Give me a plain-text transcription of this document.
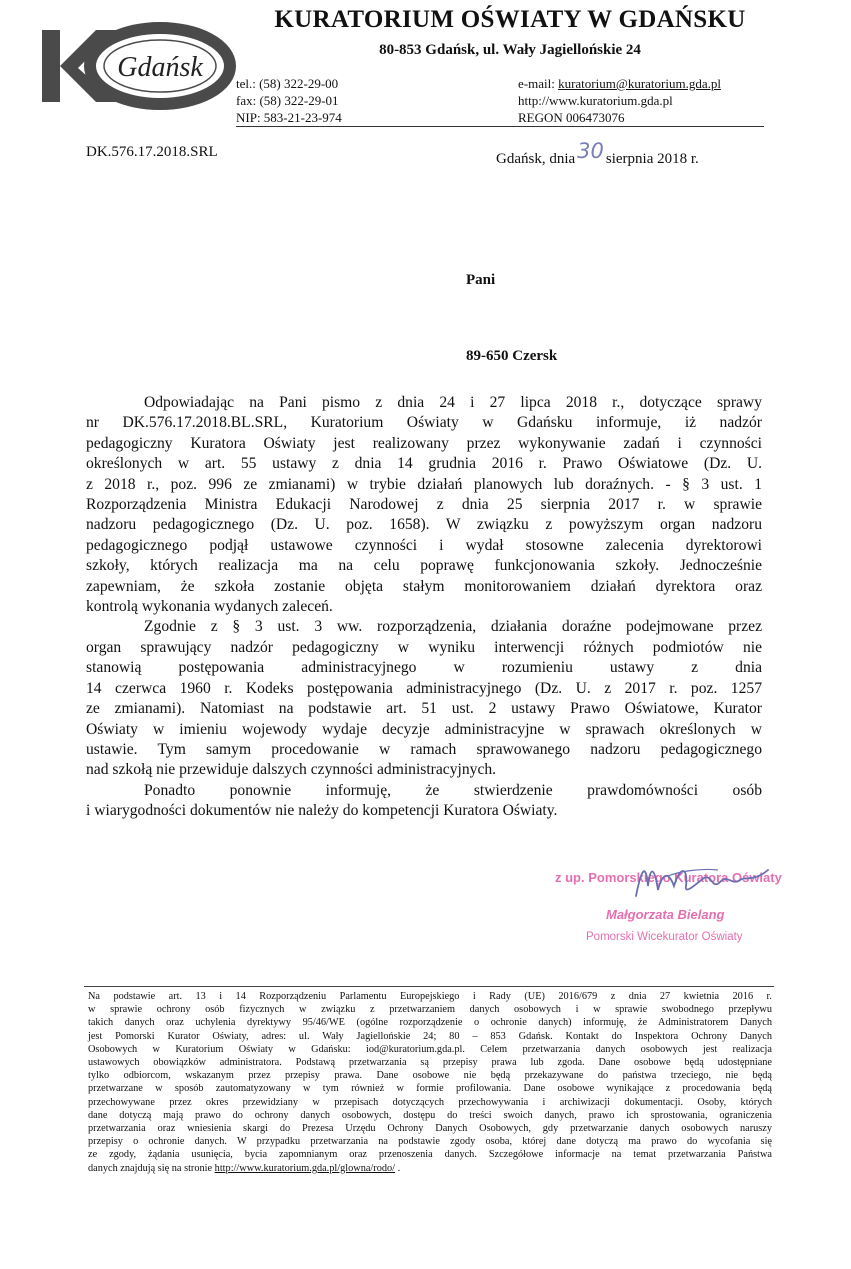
Gdańsk
KURATORIUM OŚWIATY W GDAŃSKU
80-853 Gdańsk, ul. Wały Jagiellońskie 24
tel.: (58) 322-29-00
fax: (58) 322-29-01
NIP: 583-21-23-974
e-mail: kuratorium@kuratorium.gda.pl
http://www.kuratorium.gda.pl
REGON 006473076
DK.576.17.2018.SRL	Gdańsk, dnia30 sierpnia 2018 r.
Pani
89-650 Czersk
Odpowiadając na Pani pismo z dnia 24 i 27 lipca 2018 r., dotyczące sprawy
nr DK.576.17.2018.BL.SRL, Kuratorium Oświaty w Gdańsku informuje, iż nadzór
pedagogiczny Kuratora Oświaty jest realizowany przez wykonywanie zadań i czynności
określonych w art. 55 ustawy z dnia 14 grudnia 2016 r. Prawo Oświatowe (Dz. U.
z 2018 r., poz. 996 ze zmianami) w trybie działań planowych lub doraźnych. - § 3 ust. 1
Rozporządzenia Ministra Edukacji Narodowej z dnia 25 sierpnia 2017 r. w sprawie
nadzoru pedagogicznego (Dz. U. poz. 1658). W związku z powyższym organ nadzoru
pedagogicznego podjął ustawowe czynności i wydał stosowne zalecenia dyrektorowi
szkoły, których realizacja ma na celu poprawę funkcjonowania szkoły. Jednocześnie
zapewniam, że szkoła zostanie objęta stałym monitorowaniem działań dyrektora oraz
kontrolą wykonania wydanych zaleceń.
Zgodnie z § 3 ust. 3 ww. rozporządzenia, działania doraźne podejmowane przez
organ sprawujący nadzór pedagogiczny w wyniku interwencji różnych podmiotów nie
stanowią postępowania administracyjnego w rozumieniu ustawy z dnia
14 czerwca 1960 r. Kodeks postępowania administracyjnego (Dz. U. z 2017 r. poz. 1257
ze zmianami). Natomiast na podstawie art. 51 ust. 2 ustawy Prawo Oświatowe, Kurator
Oświaty w imieniu wojewody wydaje decyzje administracyjne w sprawach określonych w
ustawie. Tym samym procedowanie w ramach sprawowanego nadzoru pedagogicznego
nad szkołą nie przewiduje dalszych czynności administracyjnych.
Ponadto ponownie informuję, że stwierdzenie prawdomówności osób
i wiarygodności dokumentów nie należy do kompetencji Kuratora Oświaty.
z up. Pomorskiego Kuratora Oświaty
Małgorzata Bielang
Pomorski Wicekurator Oświaty
Na podstawie art. 13 i 14 Rozporządzeniu Parlamentu Europejskiego i Rady (UE) 2016/679 z dnia 27 kwietnia 2016 r.
w sprawie ochrony osób fizycznych w związku z przetwarzaniem danych osobowych i w sprawie swobodnego przepływu
takich danych oraz uchylenia dyrektywy 95/46/WE (ogólne rozporządzenie o ochronie danych) informuję, że Administratorem Danych
jest Pomorski Kurator Oświaty, adres: ul. Wały Jagiellońskie 24; 80 – 853 Gdańsk. Kontakt do Inspektora Ochrony Danych
Osobowych w Kuratorium Oświaty w Gdańsku: iod@kuratorium.gda.pl. Celem przetwarzania danych osobowych jest realizacja
ustawowych obowiązków administratora. Podstawą przetwarzania są przepisy prawa lub zgoda. Dane osobowe będą udostępniane
tylko odbiorcom, wskazanym przez przepisy prawa. Dane osobowe nie będą przekazywane do państwa trzeciego, nie będą
przetwarzane w sposób zautomatyzowany w tym również w formie profilowania. Dane osobowe wynikające z procedowania będą
przechowywane przez okres przewidziany w przepisach dotyczących przechowywania i archiwizacji dokumentacji. Osoby, których
dane dotyczą mają prawo do ochrony danych osobowych, dostępu do treści swoich danych, prawo ich sprostowania, ograniczenia
przetwarzania oraz wniesienia skargi do Prezesa Urzędu Ochrony Danych Osobowych, gdy przetwarzanie danych osobowych naruszy
przepisy o ochronie danych. W przypadku przetwarzania na podstawie zgody osoba, której dane dotyczą ma prawo do wycofania się
ze zgody, żądania usunięcia, bycia zapomnianym oraz przenoszenia danych. Szczegółowe informacje na temat przetwarzania Państwa
danych znajdują się na stronie http://www.kuratorium.gda.pl/glowna/rodo/ .
